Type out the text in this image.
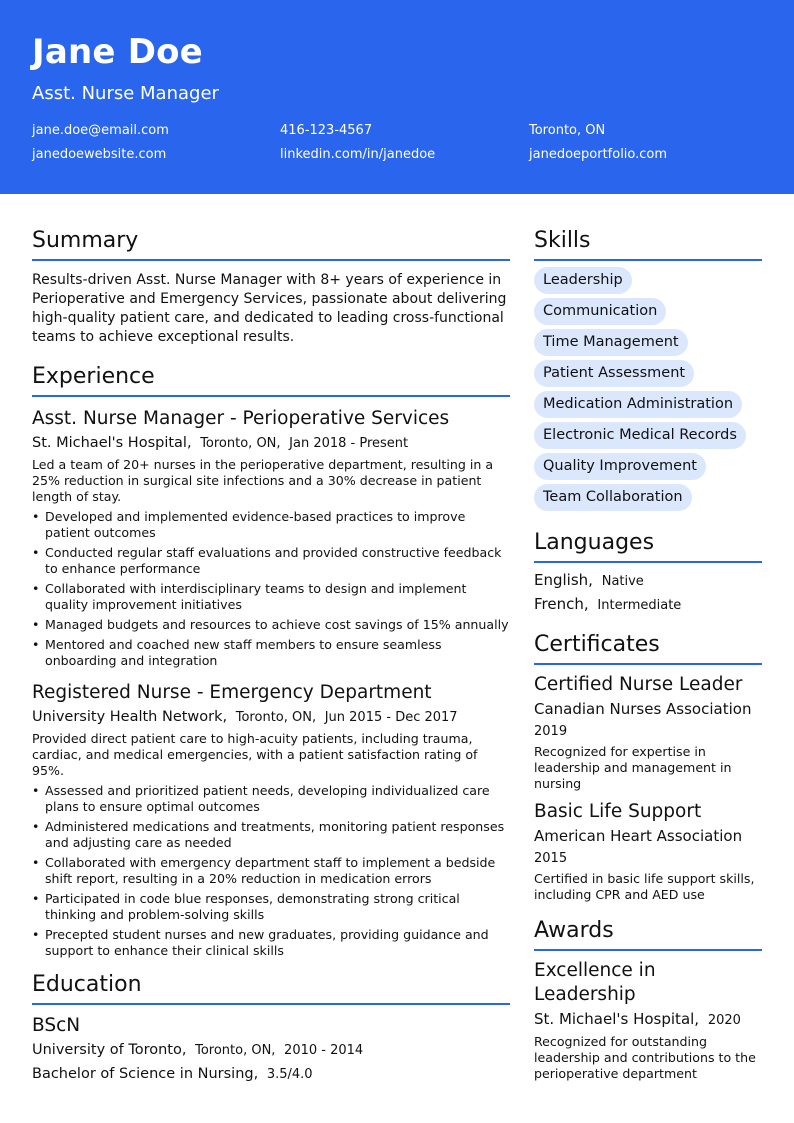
Jane Doe
Asst. Nurse Manager
jane.doe@email.com	416-123-4567	Toronto, ON
janedoewebsite.com	linkedin.com/in/janedoe	janedoeportfolio.com
Summary
Results-driven Asst. Nurse Manager with 8+ years of experience in Perioperative and Emergency Services, passionate about delivering high-quality patient care, and dedicated to leading cross-functional teams to achieve exceptional results.
Experience
Asst. Nurse Manager - Perioperative Services
St. Michael's Hospital, Toronto, ON, Jan 2018 - Present
Led a team of 20+ nurses in the perioperative department, resulting in a 25% reduction in surgical site infections and a 30% decrease in patient length of stay.
• Developed and implemented evidence-based practices to improve patient outcomes
• Conducted regular staff evaluations and provided constructive feedback to enhance performance
• Collaborated with interdisciplinary teams to design and implement quality improvement initiatives
• Managed budgets and resources to achieve cost savings of 15% annually
• Mentored and coached new staff members to ensure seamless onboarding and integration
Registered Nurse - Emergency Department
University Health Network, Toronto, ON, Jun 2015 - Dec 2017
Provided direct patient care to high-acuity patients, including trauma, cardiac, and medical emergencies, with a patient satisfaction rating of 95%.
• Assessed and prioritized patient needs, developing individualized care plans to ensure optimal outcomes
• Administered medications and treatments, monitoring patient responses and adjusting care as needed
• Collaborated with emergency department staff to implement a bedside shift report, resulting in a 20% reduction in medication errors
• Participated in code blue responses, demonstrating strong critical thinking and problem-solving skills
• Precepted student nurses and new graduates, providing guidance and support to enhance their clinical skills
Education
BScN
University of Toronto, Toronto, ON, 2010 - 2014
Bachelor of Science in Nursing, 3.5/4.0
Skills
Leadership
Communication
Time Management
Patient Assessment
Medication Administration
Electronic Medical Records
Quality Improvement
Team Collaboration
Languages
English, Native
French, Intermediate
Certificates
Certified Nurse Leader
Canadian Nurses Association
2019
Recognized for expertise in leadership and management in nursing
Basic Life Support
American Heart Association
2015
Certified in basic life support skills, including CPR and AED use
Awards
Excellence in Leadership
St. Michael's Hospital, 2020
Recognized for outstanding leadership and contributions to the perioperative department
